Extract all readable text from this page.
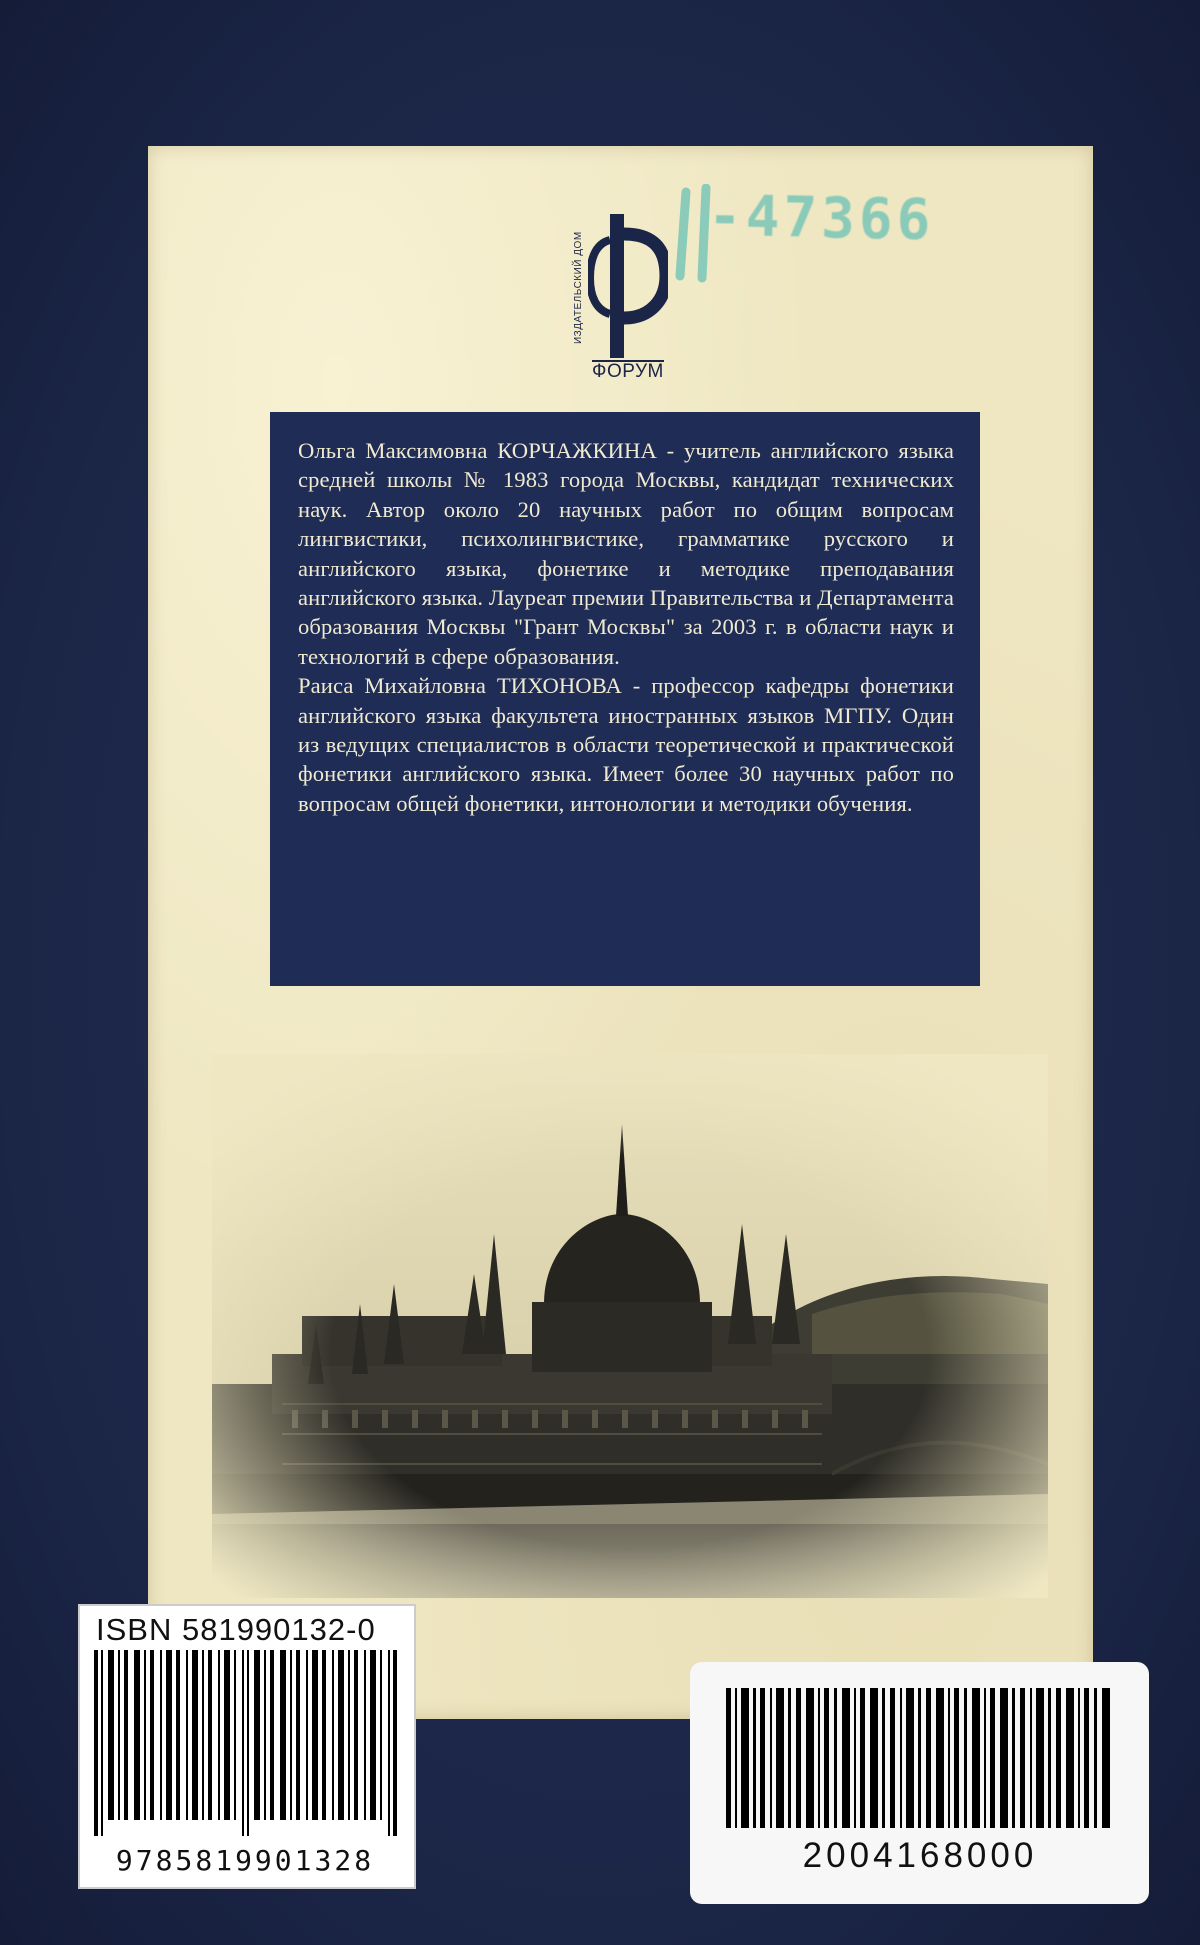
ИЗДАТЕЛЬСКИЙ ДОМ
ФОРУМ
-47366

Ольга Максимовна КОРЧАЖКИНА - учитель английского языка средней школы № 1983 города Москвы, кандидат технических наук. Автор около 20 научных работ по общим вопросам лингвистики, психолингвистике, грамматике русского и английского языка, фонетике и методике преподавания английского языка. Лауреат премии Правительства и Департамента образования Москвы "Грант Москвы" за 2003 г. в области наук и технологий в сфере образования.

Раиса Михайловна ТИХОНОВА - профессор кафедры фонетики английского языка факультета иностранных языков МГПУ. Один из ведущих специалистов в области теоретической и практической фонетики английского языка. Имеет более 30 научных работ по вопросам общей фонетики, интонологии и методики обучения.

ISBN 581990132-0
9785819901328	2004168000
